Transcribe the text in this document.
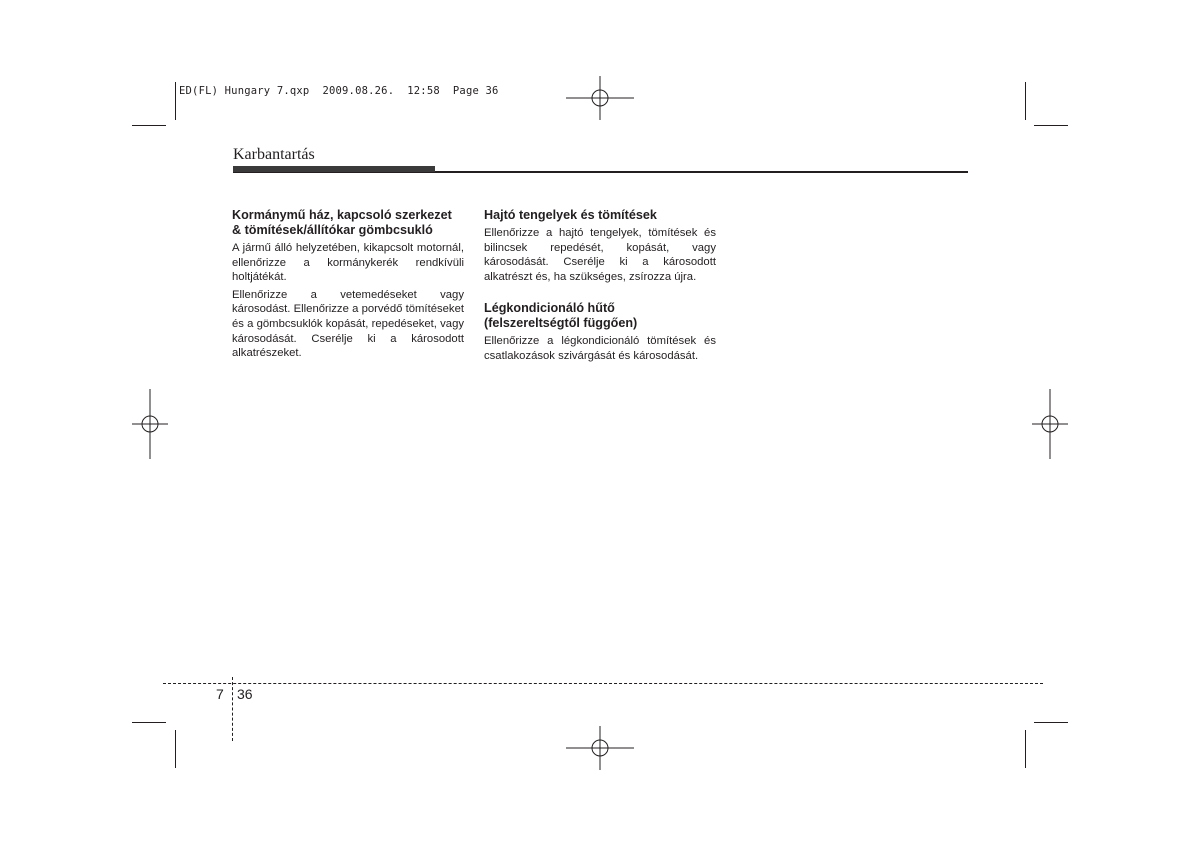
ED(FL) Hungary 7.qxp  2009.08.26.  12:58  Page 36
Karbantartás

Kormánymű ház, kapcsoló szerkezet & tömítések/állítókar gömbcsukló

A jármű álló helyzetében, kikapcsolt motornál, ellenőrizze a kormánykerék rendkívüli holtjátékát.

Ellenőrizze a vetemedéseket vagy károsodást. Ellenőrizze a porvédő tömítéseket és a gömbcsuklók kopását, repedéseket, vagy károsodását. Cserélje ki a károsodott alkatrészeket.

Hajtó tengelyek és tömítések

Ellenőrizze a hajtó tengelyek, tömítések és bilincsek repedését, kopását, vagy károsodását. Cserélje ki a károsodott alkatrészt és, ha szükséges, zsírozza újra.

Légkondicionáló hűtő
(felszereltségtől függően)

Ellenőrizze a légkondicionáló tömítések és csatlakozások szivárgását és károsodását.

7 36
